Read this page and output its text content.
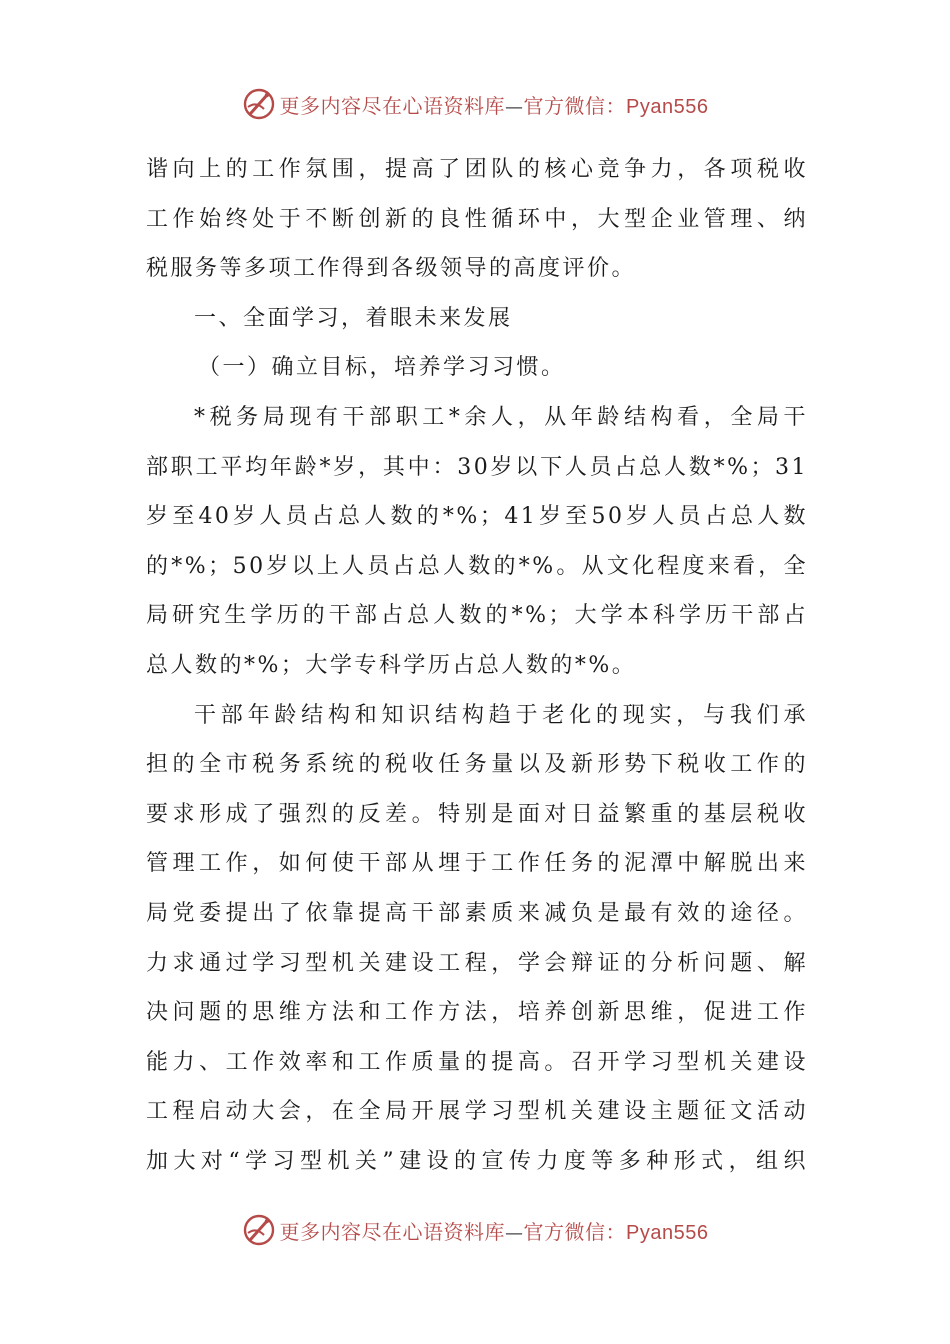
更多内容尽在心语资料库—官方微信：Pyan556

谐向上的工作氛围，提高了团队的核心竞争力，各项税收

工作始终处于不断创新的良性循环中，大型企业管理、纳

税服务等多项工作得到各级领导的高度评价。

一、全面学习，着眼未来发展

（一）确立目标，培养学习习惯。

*税务局现有干部职工*余人，从年龄结构看，全局干

部职工平均年龄*岁，其中：30岁以下人员占总人数*%；31

岁至40岁人员占总人数的*%；41岁至50岁人员占总人数

的*%；50岁以上人员占总人数的*%。从文化程度来看，全

局研究生学历的干部占总人数的*%；大学本科学历干部占

总人数的*%；大学专科学历占总人数的*%。

干部年龄结构和知识结构趋于老化的现实，与我们承

担的全市税务系统的税收任务量以及新形势下税收工作的

要求形成了强烈的反差。特别是面对日益繁重的基层税收

管理工作，如何使干部从埋于工作任务的泥潭中解脱出来

局党委提出了依靠提高干部素质来减负是最有效的途径。

力求通过学习型机关建设工程，学会辩证的分析问题、解

决问题的思维方法和工作方法，培养创新思维，促进工作

能力、工作效率和工作质量的提高。召开学习型机关建设

工程启动大会，在全局开展学习型机关建设主题征文活动

加大对“学习型机关”建设的宣传力度等多种形式，组织

更多内容尽在心语资料库—官方微信：Pyan556
